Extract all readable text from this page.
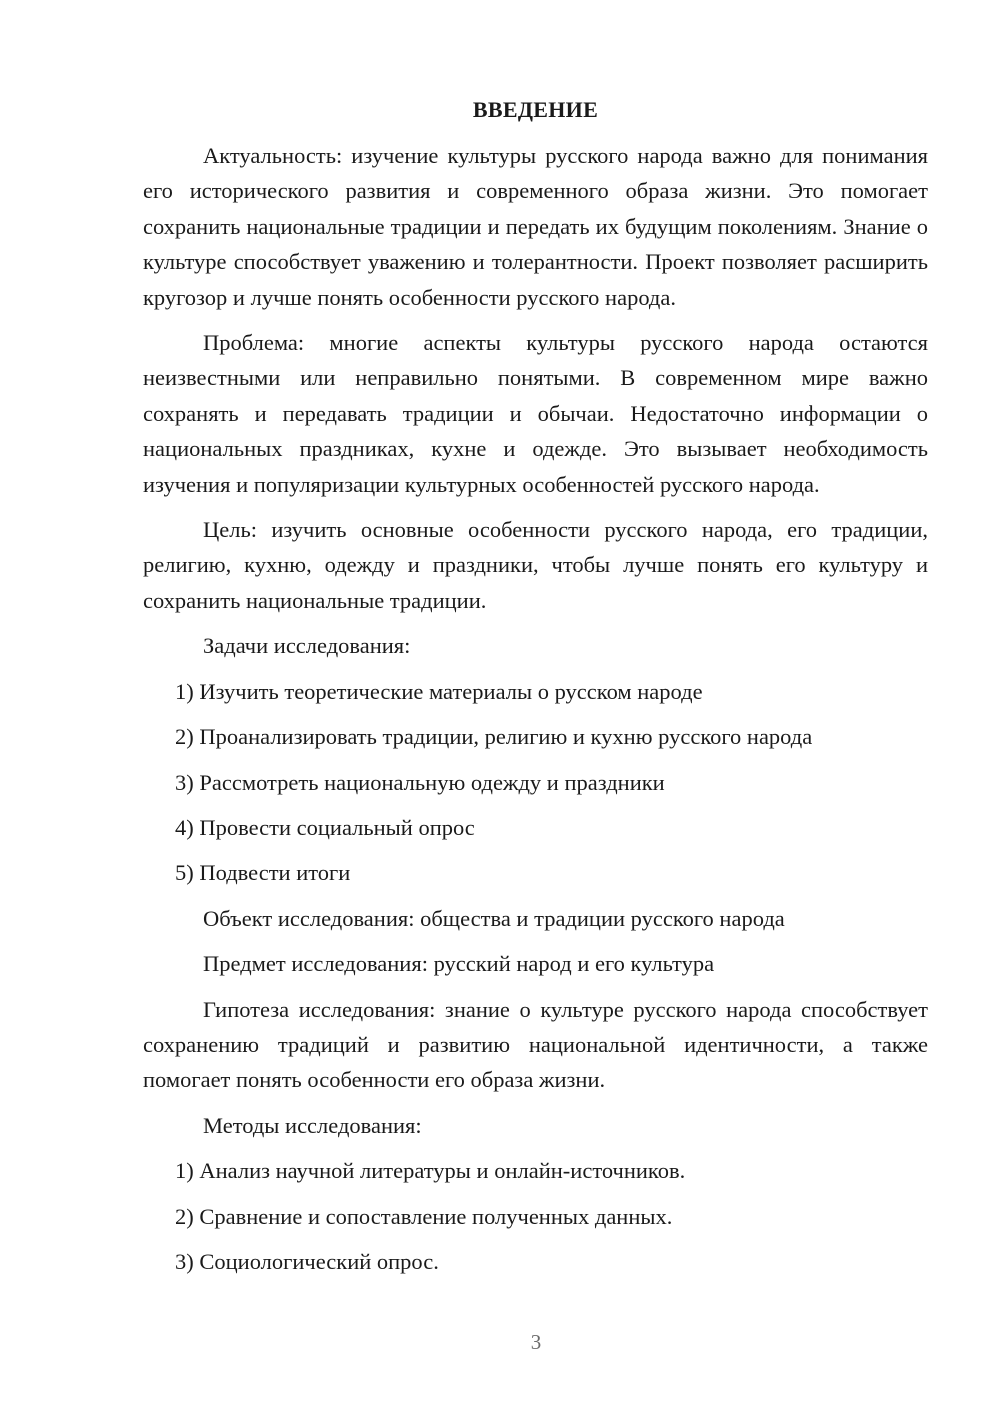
ВВЕДЕНИЕ

Актуальность: изучение культуры русского народа важно для понимания его исторического развития и современного образа жизни. Это помогает сохранить национальные традиции и передать их будущим поколениям. Знание о культуре способствует уважению и толерантности. Проект позволяет расширить кругозор и лучше понять особенности русского народа.

Проблема: многие аспекты культуры русского народа остаются неизвестными или неправильно понятыми. В современном мире важно сохранять и передавать традиции и обычаи. Недостаточно информации о национальных праздниках, кухне и одежде. Это вызывает необходимость изучения и популяризации культурных особенностей русского народа.

Цель: изучить основные особенности русского народа, его традиции, религию, кухню, одежду и праздники, чтобы лучше понять его культуру и сохранить национальные традиции.

Задачи исследования:

1) Изучить теоретические материалы о русском народе

2) Проанализировать традиции, религию и кухню русского народа

3) Рассмотреть национальную одежду и праздники

4) Провести социальный опрос

5) Подвести итоги

Объект исследования: общества и традиции русского народа

Предмет исследования: русский народ и его культура

Гипотеза исследования: знание о культуре русского народа способствует сохранению традиций и развитию национальной идентичности, а также помогает понять особенности его образа жизни.

Методы исследования:

1) Анализ научной литературы и онлайн-источников.

2) Сравнение и сопоставление полученных данных.

3) Социологический опрос.

3
